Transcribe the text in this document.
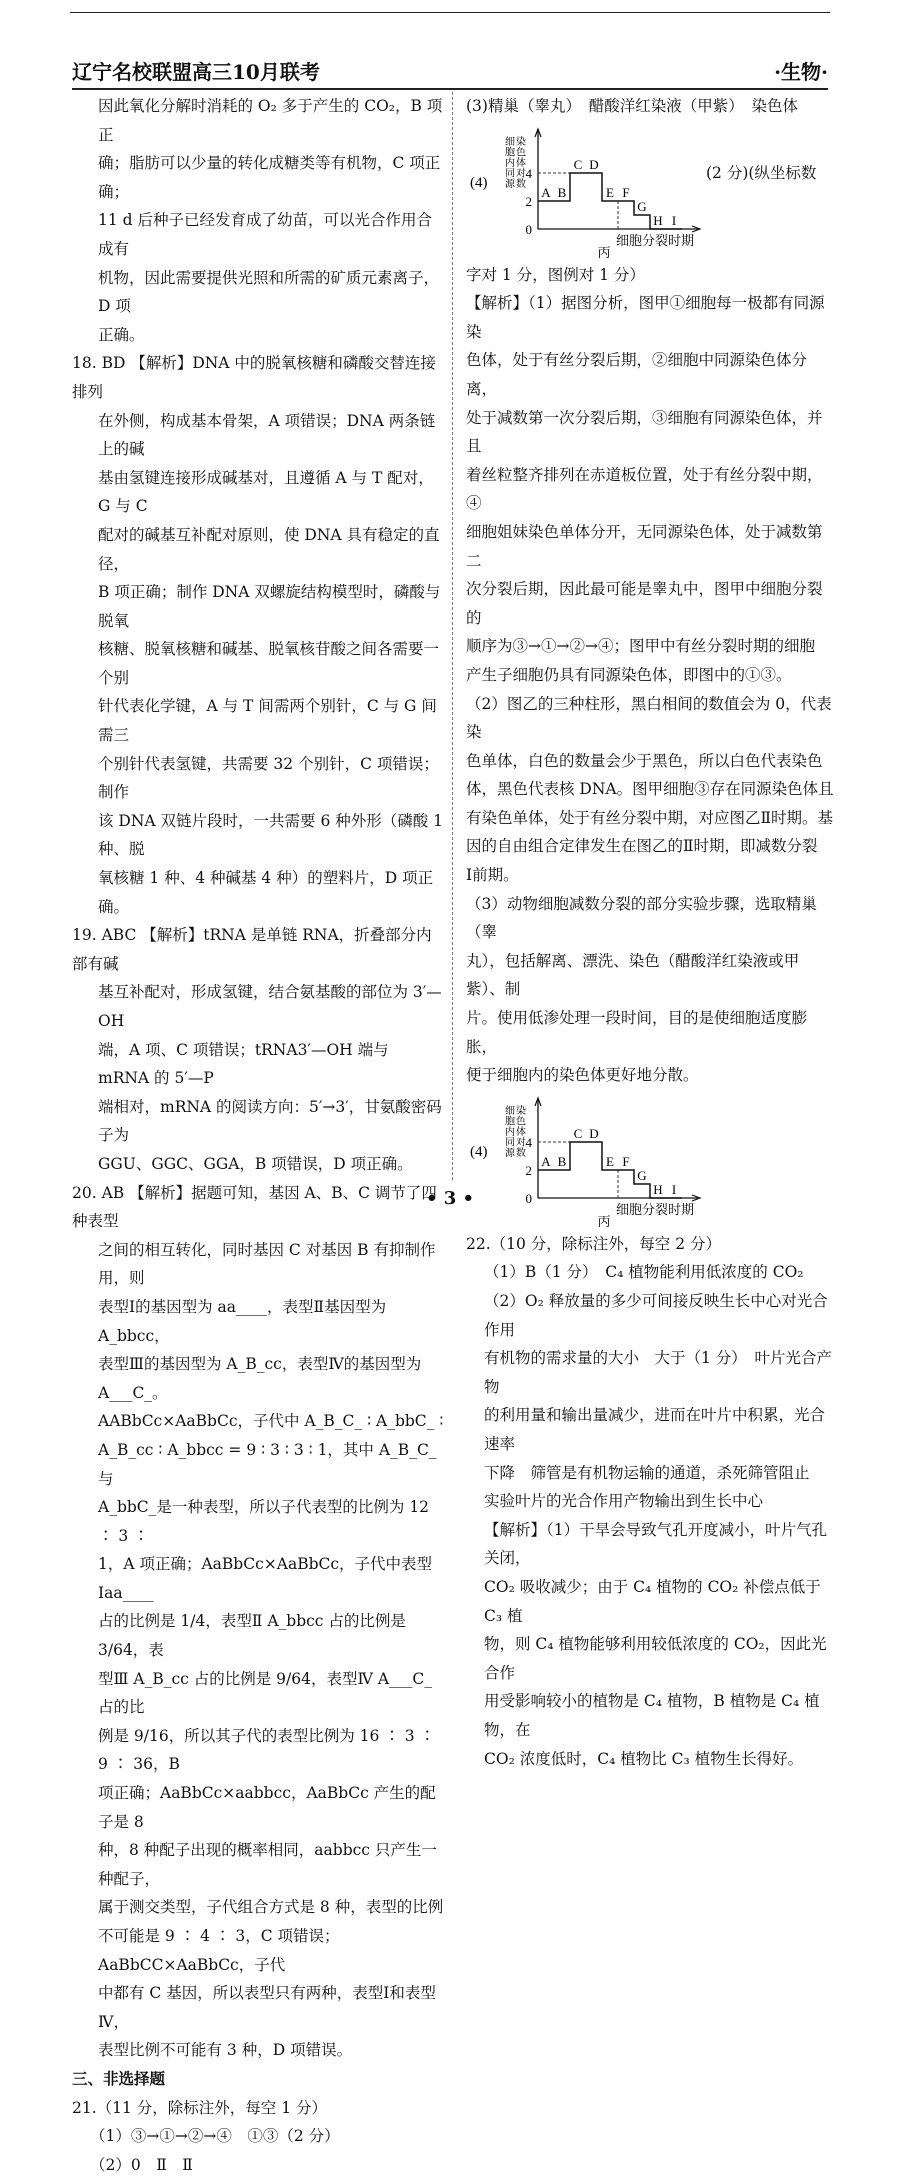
辽宁名校联盟高三10月联考	·生物·

因此氧化分解时消耗的 O₂ 多于产生的 CO₂，B 项正

确；脂肪可以少量的转化成糖类等有机物，C 项正确；

11 d 后种子已经发育成了幼苗，可以光合作用合成有

机物，因此需要提供光照和所需的矿质元素离子，D 项

正确。

18. BD 【解析】DNA 中的脱氧核糖和磷酸交替连接排列

在外侧，构成基本骨架，A 项错误；DNA 两条链上的碱

基由氢键连接形成碱基对，且遵循 A 与 T 配对，G 与 C

配对的碱基互补配对原则，使 DNA 具有稳定的直径，

B 项正确；制作 DNA 双螺旋结构模型时，磷酸与脱氧

核糖、脱氧核糖和碱基、脱氧核苷酸之间各需要一个别

针代表化学键，A 与 T 间需两个别针，C 与 G 间需三

个别针代表氢键，共需要 32 个别针，C 项错误；制作

该 DNA 双链片段时，一共需要 6 种外形（磷酸 1 种、脱

氧核糖 1 种、4 种碱基 4 种）的塑料片，D 项正确。

19. ABC 【解析】tRNA 是单链 RNA，折叠部分内部有碱

基互补配对，形成氢键，结合氨基酸的部位为 3′—OH

端，A 项、C 项错误；tRNA3′—OH 端与 mRNA 的 5′—P

端相对，mRNA 的阅读方向：5′→3′，甘氨酸密码子为

GGU、GGC、GGA，B 项错误，D 项正确。

20. AB 【解析】据题可知，基因 A、B、C 调节了四种表型

之间的相互转化，同时基因 C 对基因 B 有抑制作用，则

表型Ⅰ的基因型为 aa____，表型Ⅱ基因型为 A_bbcc，

表型Ⅲ的基因型为 A_B_cc，表型Ⅳ的基因型为 A___C_。

AABbCc×AaBbCc，子代中 A_B_C_ ∶ A_bbC_ ∶

A_B_cc ∶ A_bbcc = 9 ∶ 3 ∶ 3 ∶ 1，其中 A_B_C_与

A_bbC_是一种表型，所以子代表型的比例为 12 ∶ 3 ∶

1，A 项正确；AaBbCc×AaBbCc，子代中表型Ⅰaa____

占的比例是 1/4，表型Ⅱ A_bbcc 占的比例是 3/64，表

型Ⅲ A_B_cc 占的比例是 9/64，表型Ⅳ A___C_占的比

例是 9/16，所以其子代的表型比例为 16 ∶ 3 ∶ 9 ∶ 36，B

项正确；AaBbCc×aabbcc，AaBbCc 产生的配子是 8

种，8 种配子出现的概率相同，aabbcc 只产生一种配子，

属于测交类型，子代组合方式是 8 种，表型的比例

不可能是 9 ∶ 4 ∶ 3，C 项错误；AaBbCC×AaBbCc，子代

中都有 C 基因，所以表型只有两种，表型Ⅰ和表型Ⅳ，

表型比例不可能有 3 种，D 项错误。

三、非选择题

21.（11 分，除标注外，每空 1 分）

（1）③→①→②→④　①③（2 分）

（2）0　Ⅱ　Ⅱ

(3)精巢（睾丸）　醋酸洋红染液（甲紫）　染色体

(4)
细
胞
内
同
源
染
色
体
对
数
0
2
4
A B
C D
E F
G
H I
细胞分裂时期
丙
(2 分)(纵坐标数

字对 1 分，图例对 1 分）

【解析】（1）据图分析，图甲①细胞每一极都有同源染

色体，处于有丝分裂后期，②细胞中同源染色体分离，

处于减数第一次分裂后期，③细胞有同源染色体，并且

着丝粒整齐排列在赤道板位置，处于有丝分裂中期，④

细胞姐妹染色单体分开，无同源染色体，处于减数第二

次分裂后期，因此最可能是睾丸中，图甲中细胞分裂的

顺序为③→①→②→④；图甲中有丝分裂时期的细胞

产生子细胞仍具有同源染色体，即图中的①③。

（2）图乙的三种柱形，黑白相间的数值会为 0，代表染

色单体，白色的数量会少于黑色，所以白色代表染色

体，黑色代表核 DNA。图甲细胞③存在同源染色体且

有染色单体，处于有丝分裂中期，对应图乙Ⅱ时期。基

因的自由组合定律发生在图乙的Ⅱ时期，即减数分裂

Ⅰ前期。

（3）动物细胞减数分裂的部分实验步骤，选取精巢（睾

丸），包括解离、漂洗、染色（醋酸洋红染液或甲紫）、制

片。使用低渗处理一段时间，目的是使细胞适度膨胀，

便于细胞内的染色体更好地分散。

(4)
细
胞
内
同
源
染
色
体
对
数
0
2
4
A B
C D
E F
G
H I
细胞分裂时期
丙

22.（10 分，除标注外，每空 2 分）

（1）B（1 分）　C₄ 植物能利用低浓度的 CO₂

（2）O₂ 释放量的多少可间接反映生长中心对光合作用

有机物的需求量的大小　大于（1 分）　叶片光合产物

的利用量和输出量减少，进而在叶片中积累，光合速率

下降　筛管是有机物运输的通道，杀死筛管阻止

实验叶片的光合作用产物输出到生长中心

【解析】（1）干旱会导致气孔开度减小，叶片气孔关闭，

CO₂ 吸收减少；由于 C₄ 植物的 CO₂ 补偿点低于 C₃ 植

物，则 C₄ 植物能够利用较低浓度的 CO₂，因此光合作

用受影响较小的植物是 C₄ 植物，B 植物是 C₄ 植物，在

CO₂ 浓度低时，C₄ 植物比 C₃ 植物生长得好。

• 3 •
